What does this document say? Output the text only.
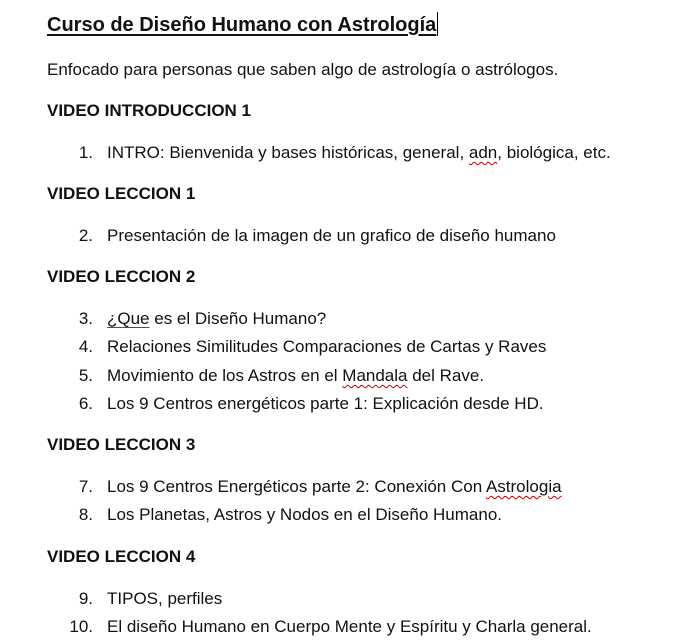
Curso de Diseño Humano con Astrología
Enfocado para personas que saben algo de astrología o astrólogos.
VIDEO INTRODUCCION 1
1. INTRO: Bienvenida y bases históricas, general, adn, biológica, etc.
VIDEO LECCION 1
2. Presentación de la imagen de un grafico de diseño humano
VIDEO LECCION 2
3. ¿Que es el Diseño Humano?
4. Relaciones Similitudes Comparaciones de Cartas y Raves
5. Movimiento de los Astros en el Mandala del Rave.
6. Los 9 Centros energéticos parte 1: Explicación desde HD.
VIDEO LECCION 3
7. Los 9 Centros Energéticos parte 2: Conexión Con Astrologia
8. Los Planetas, Astros y Nodos en el Diseño Humano.
VIDEO LECCION 4
9. TIPOS, perfiles
10. El diseño Humano en Cuerpo Mente y Espíritu y Charla general.
